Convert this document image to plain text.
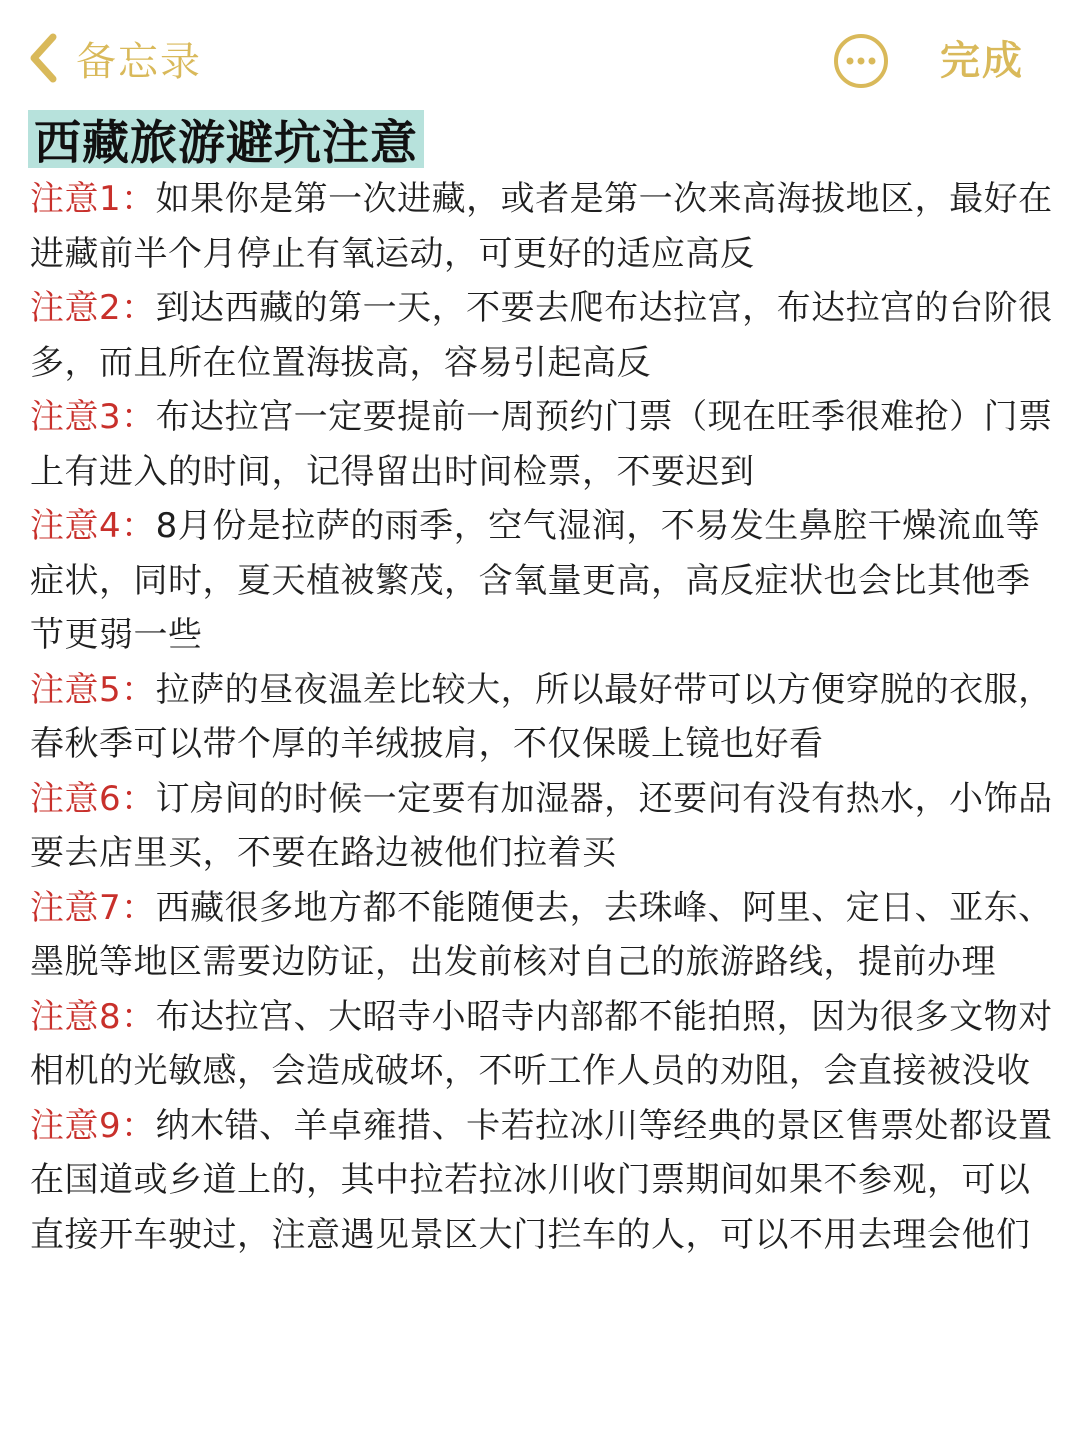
备忘录	完成
西藏旅游避坑注意
注意1：如果你是第一次进藏，或者是第一次来高海拔地区，最好在进藏前半个月停止有氧运动，可更好的适应高反
注意2：到达西藏的第一天，不要去爬布达拉宫，布达拉宫的台阶很多，而且所在位置海拔高，容易引起高反
注意3：布达拉宫一定要提前一周预约门票（现在旺季很难抢）门票上有进入的时间，记得留出时间检票，不要迟到
注意4：8月份是拉萨的雨季，空气湿润，不易发生鼻腔干燥流血等症状，同时，夏天植被繁茂，含氧量更高，高反症状也会比其他季节更弱一些
注意5：拉萨的昼夜温差比较大，所以最好带可以方便穿脱的衣服，春秋季可以带个厚的羊绒披肩，不仅保暖上镜也好看
注意6：订房间的时候一定要有加湿器，还要问有没有热水，小饰品要去店里买，不要在路边被他们拉着买
注意7：西藏很多地方都不能随便去，去珠峰、阿里、定日、亚东、墨脱等地区需要边防证，出发前核对自己的旅游路线，提前办理
注意8：布达拉宫、大昭寺小昭寺内部都不能拍照，因为很多文物对相机的光敏感，会造成破坏，不听工作人员的劝阻，会直接被没收
注意9：纳木错、羊卓雍措、卡若拉冰川等经典的景区售票处都设置在国道或乡道上的，其中拉若拉冰川收门票期间如果不参观，可以直接开车驶过，注意遇见景区大门拦车的人，可以不用去理会他们
